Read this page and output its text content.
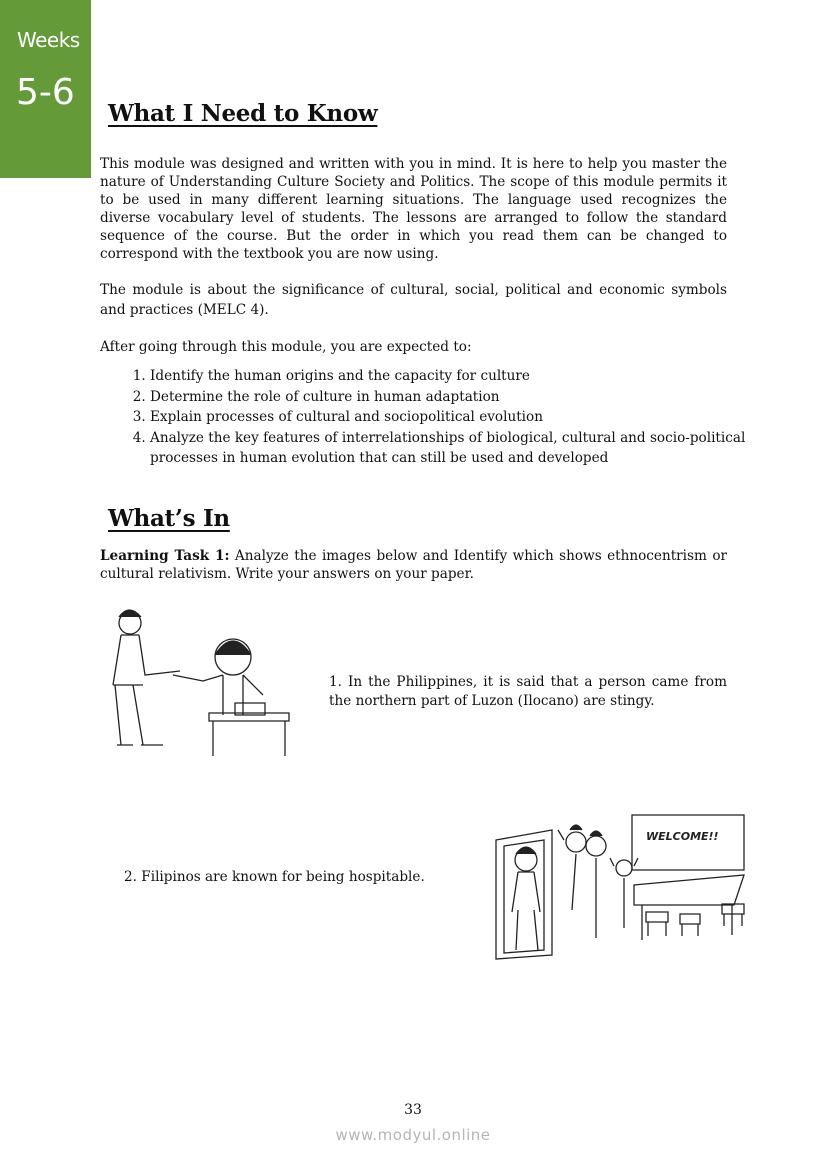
Weeks
5-6
What I Need to Know

This module was designed and written with you in mind. It is here to help you master the nature of Understanding Culture Society and Politics. The scope of this module permits it to be used in many different learning situations. The language used recognizes the diverse vocabulary level of students. The lessons are arranged to follow the standard sequence of the course. But the order in which you read them can be changed to correspond with the textbook you are now using.

The module is about the significance of cultural, social, political and economic symbols and practices (MELC 4).

After going through this module, you are expected to:

1. Identify the human origins and the capacity for culture
2. Determine the role of culture in human adaptation
3. Explain processes of cultural and sociopolitical evolution
4. Analyze the key features of interrelationships of biological, cultural and socio-political processes in human evolution that can still be used and developed
What’s In

Learning Task 1: Analyze the images below and Identify which shows ethnocentrism or cultural relativism. Write your answers on your paper.

1. In the Philippines, it is said that a person came from the northern part of Luzon (Ilocano) are stingy.

2. Filipinos are known for being hospitable.

WELCOME!!
33
www.modyul.online
